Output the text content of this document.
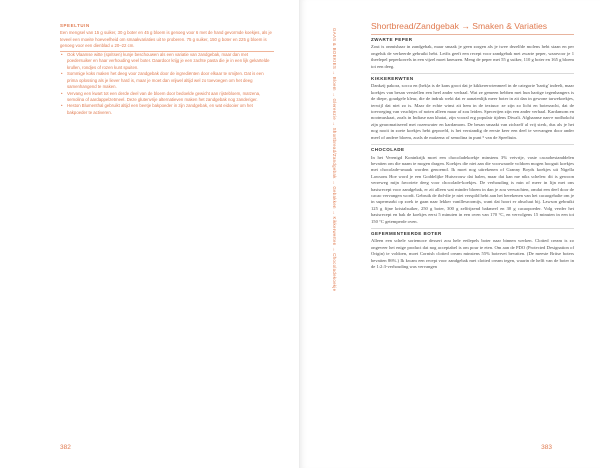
SPEELTUIN
Een mengsel van 15 g suiker, 30 g boter en 45 g bloem is genoeg voor 6 met de hand gevormde koekjes, als je teveel een moeite hoeveelheid om smaakvariaties uit te proberen. 75 g suiker, 150 g boter en 225 g bloem is genoeg voor een dienblad ± 20–22 cm.
• Ook Vlaamse witte (spritsen) kunje beschouwen als een variatie van zandgebak, maar dan met poedersuiker en haar verhouding veel boter. Daardoor krijg je een zachte pasta die je in een lijk gekartelde krullen, rondjes of rozen kunt spuiten.
• Sommige koks maken het deeg voor zandgebak door de ingrediënten door elkaar te smijten. Dat is een prima oplossing als je liever hard is, maar je moet dan vrijwel altijd wel zo toevoegen om het deeg samenhangend te maken.
• Vervang een kwart tot een derde deel van de bloem door bedoelde gewicht aan rijstebloem, maïzena, semolina of aardappelzetmeel. Deze glutenvrije alternatieven maken het zandgebak nog zanderiger.
• Heston Blumenthal gebruikt altijd een beetje bakpoeder in zijn zandgebak, en wat eidooier om het bakpoeder te activeren.
382	383
GAAS & BOEKIES → Bloem → Glerenzie → Shortbread/Zandgebak → Gebakken → Kikkerwerten → Chocoladekoekje
Shortbread/Zandgebak → Smaken & Variaties
ZWARTE PEPER

Zout is onmisbaar in zandgebak, maar smaak je geen zorgen als je twee dezelfde molens hebt staan en per ongeluk de verkeerde gebruikt hebt. Letfis geeft een recept voor zandgebak met zwarte peper, waarvoor je 1 theelepel peperkorrels in een vijzel moet kneuzen. Meng de peper met 55 g suiker, 110 g boter en 165 g bloem tot een deeg.

KIKKERERWTEN

Dankzij pakora, socca en (hek)a is de kans groot dat je kikkererwtenmeel in de categorie 'hartig' indeelt, maar koekjes van besan verstellen een heel ander verhaal. Wat ze gemeen hebben met hun hartige tegenhangers is de diepe, goudgele kleur, die de indruk wekt dat er aanzienlijk meer boter in zit dan in gewone tarwekoekjes, terwijl dat niet zo is. Maar de echte winst zit hem in de textuur: ze zijn zo licht en boterzacht, dat de toevoeging van vruchtjes of noten alleen maar af zou leiden. Specerijen zijn een ander verhaal. Kardamom en nootmuskaat, zoals in Indiase nan khatai, zijn vooral erg populair tijdens Diwali. Afghaanse nan-e nodhokchi zijn gearomatiseerd met rozenwater en kardamom. De besan smaakt van zichzelf al vrij sterk, dus als je het nog nooit in zoete koekjes hebt geproefd, is het verstandig de eerste keer een deel te vervangen door ander meel of andere bloem, zoals de maïzena of semolina in punt ⁵ van de Speeltuin.

CHOCOLADE

In het Verenigd Koninkrijk moet een chocoladekoekje minstens 3% vetvrije, vaste cacaobestanddelen bevatten om die naam te mogen dragen. Koekjes die niet aan die voorwaarde voldoen mogen hooguit koekjes met chocolade-smaak worden genoemd. Ik moet nog uitrekenen of Granny Boyds koekjes uit Nigella Lawsons Hoe word je een Goddelijke Huisvrouw dat halen, maar dat kan me niks schelen: dit is gewoon verreweg mijn favoriete deeg voor chocolade-koekjes. De verhouding is min of meer in lijn met ons basisrecept voor zandgebak, er zit alleen wat minder bloem in dan je zou verwachten, omdat een deel door de cacao vervangen wordt. Gebruik de tbd-die je niet verspild hebt aan het berekenen van het cacaogehalte om je in supermarkt op zoek te gaan naar lekker vanillesroomijs, want dat hoort er absoluut bij. Lawson gebruikt 125 g fijne kristalsuiker, 250 g boter, 300 g zelfrijzend bakmeel en 30 g cacaopoeder. Volg verder het basisrecept en bak de koekjes eerst 5 minuten in een oven van 170 °C, en vervolgens 15 minuten in een tot 150 °C getemperde oven.

GEFERMENTEERDE BOTER

Alleen een schele soriemoce dessert zou hele eetlepels boter naar binnen werken. Clotted cream is zo ongeveer het enige product dat nog acceptabel is om pour te eten. Om aan de PDO (Protected Designation of Origin) te voldoen, moet Cornish clotted cream minstens 55% botervet bevatten. (De meeste Britse boters bevatten 86%.) Ik kwam een recept voor zandgebak met clotted cream tegen, waarin de helft van de boter in de 1:2:3-verhouding was vervangen
